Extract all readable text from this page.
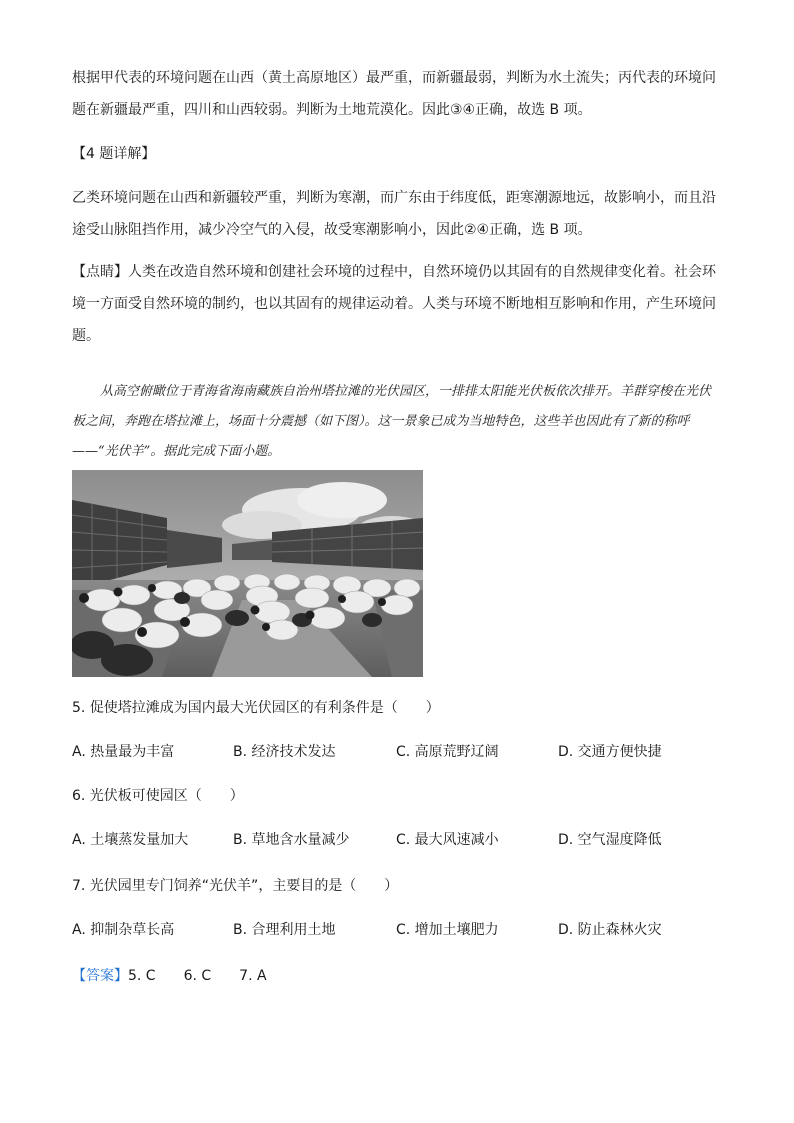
根据甲代表的环境问题在山西（黄土高原地区）最严重，而新疆最弱，判断为水土流失；丙代表的环境问题在新疆最严重，四川和山西较弱。判断为土地荒漠化。因此③④正确，故选 B 项。

【4 题详解】

乙类环境问题在山西和新疆较严重，判断为寒潮，而广东由于纬度低，距寒潮源地远，故影响小，而且沿途受山脉阻挡作用，减少冷空气的入侵，故受寒潮影响小，因此②④正确，选 B 项。

【点睛】人类在改造自然环境和创建社会环境的过程中，自然环境仍以其固有的自然规律变化着。社会环境一方面受自然环境的制约，也以其固有的规律运动着。人类与环境不断地相互影响和作用，产生环境问题。

从高空俯瞰位于青海省海南藏族自治州塔拉滩的光伏园区，一排排太阳能光伏板依次排开。羊群穿梭在光伏板之间，奔跑在塔拉滩上，场面十分震撼（如下图）。这一景象已成为当地特色，这些羊也因此有了新的称呼——“光伏羊”。据此完成下面小题。

5. 促使塔拉滩成为国内最大光伏园区的有利条件是（　　）
A. 热量最为丰富	B. 经济技术发达	C. 高原荒野辽阔	D. 交通方便快捷
6. 光伏板可使园区（　　）
A. 土壤蒸发量加大	B. 草地含水量减少	C. 最大风速减小	D. 空气湿度降低
7. 光伏园里专门饲养“光伏羊”，主要目的是（　　）
A. 抑制杂草长高	B. 合理利用土地	C. 增加土壤肥力	D. 防止森林火灾
【答案】5. C　　6. C　　7. A
